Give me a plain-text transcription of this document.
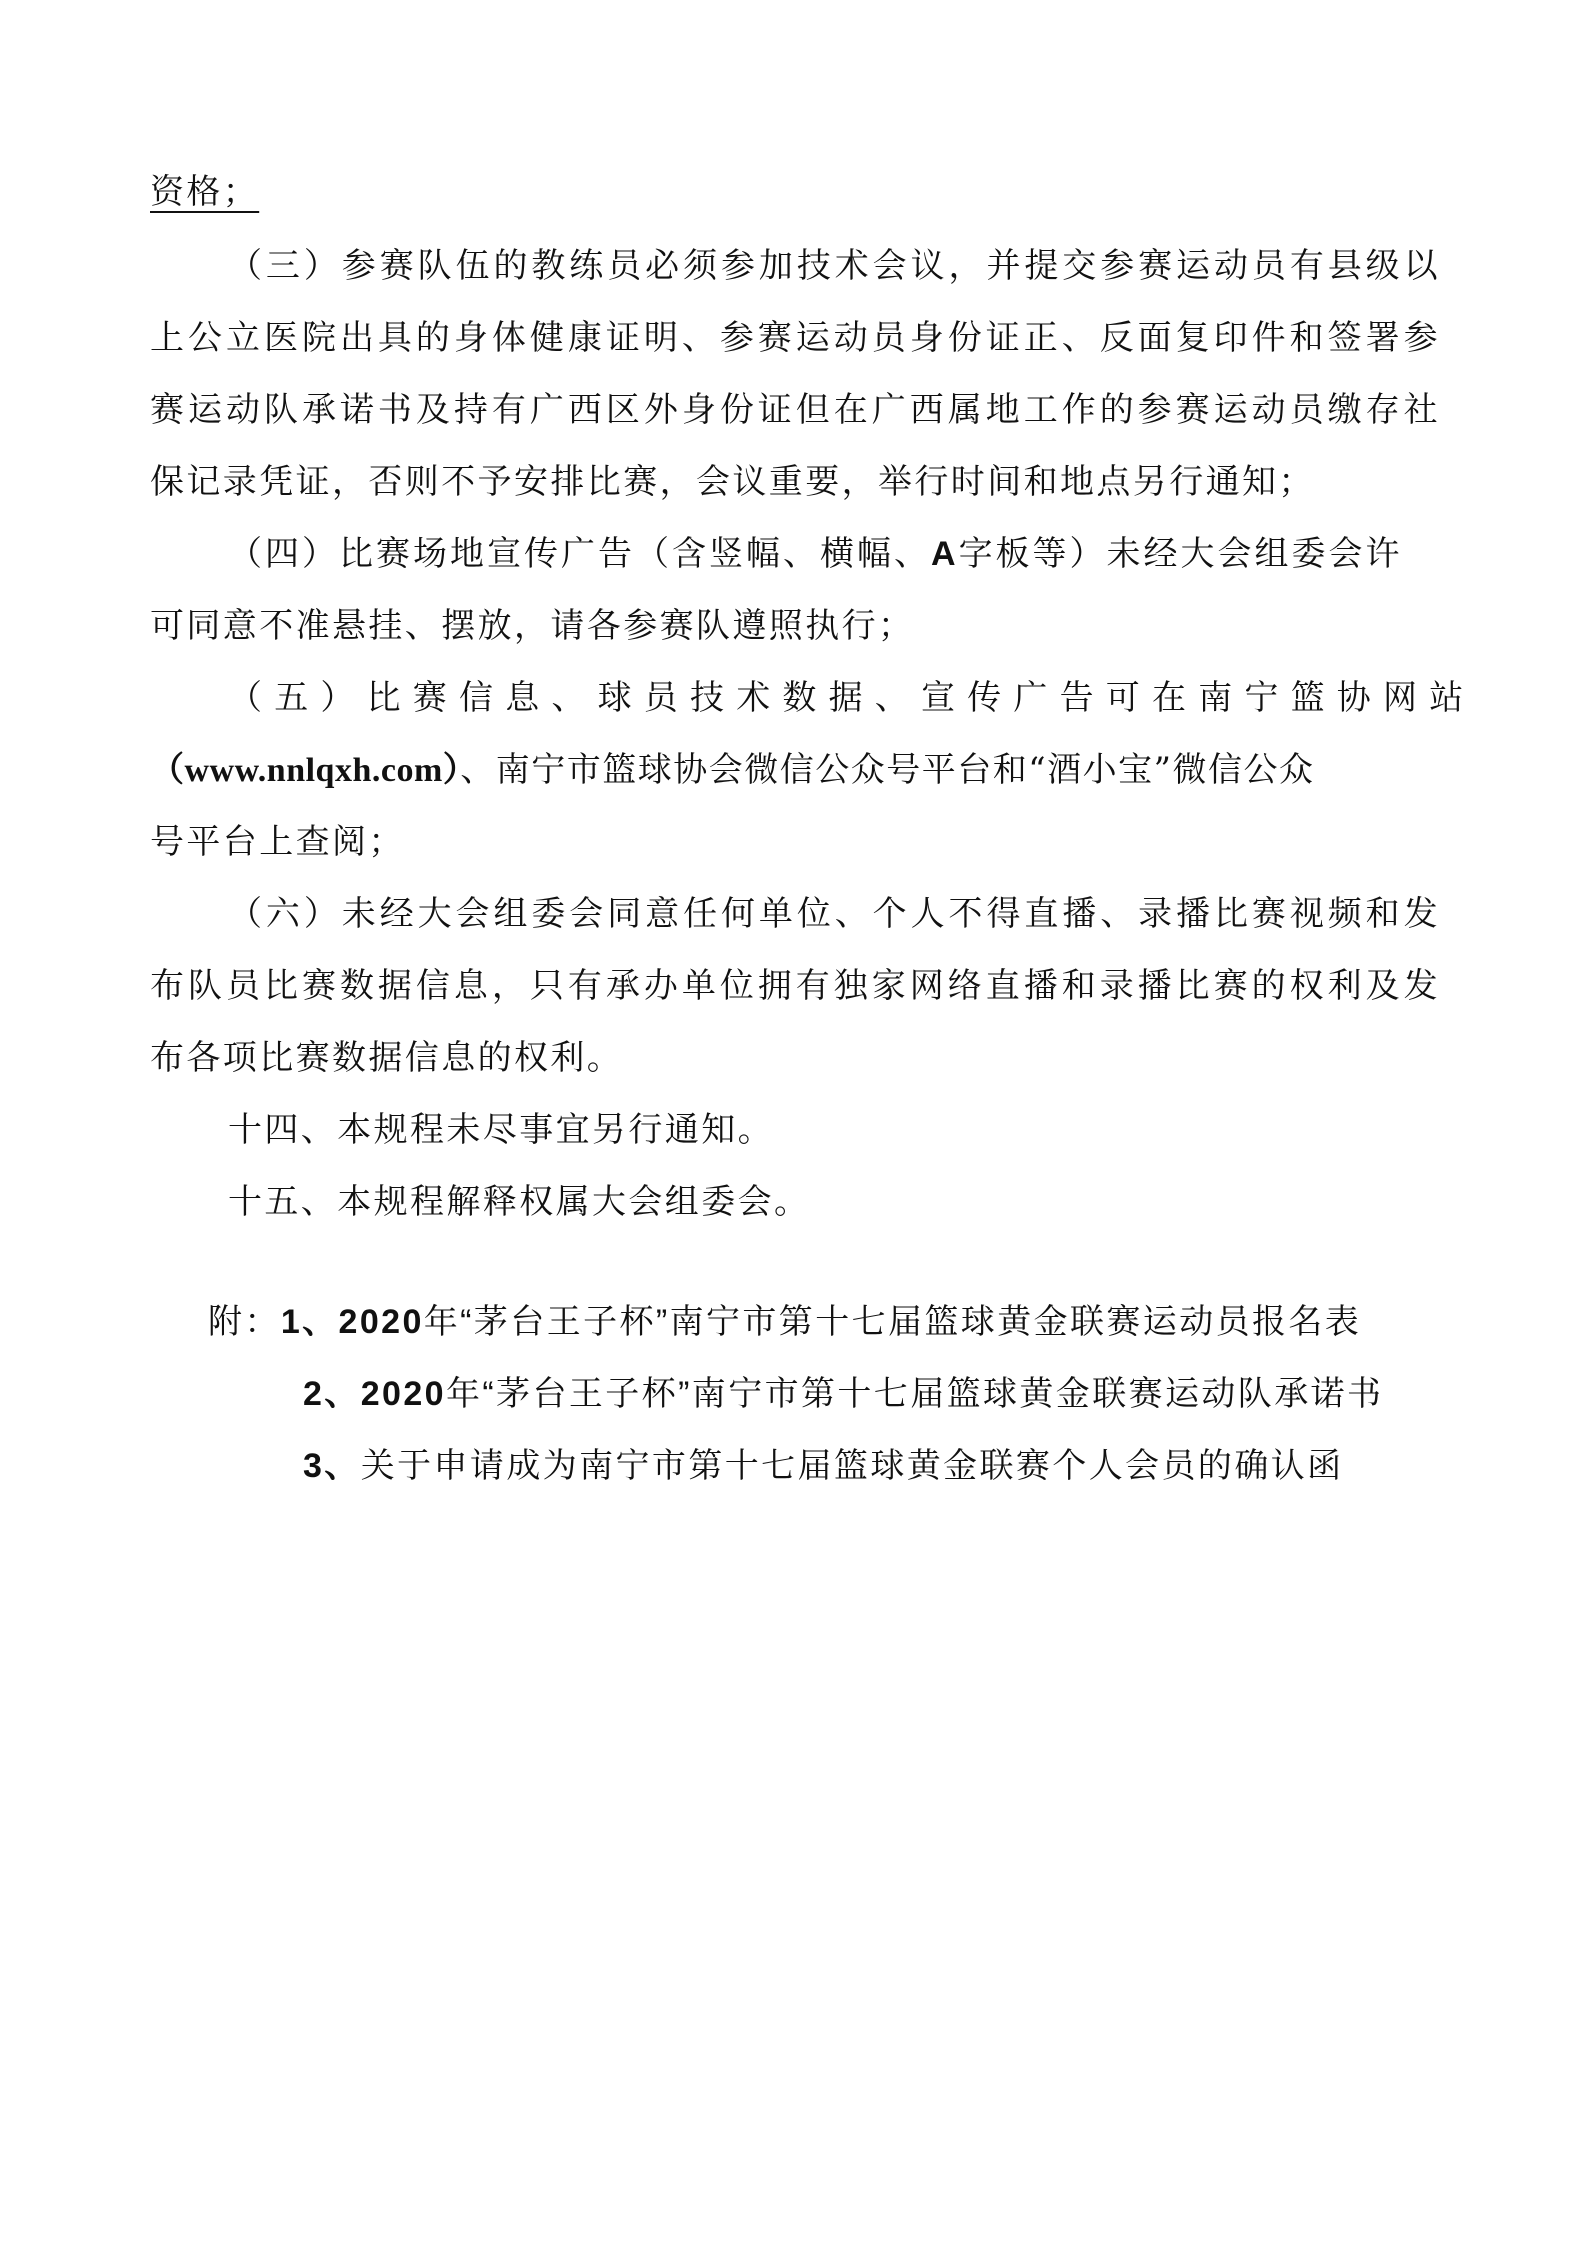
资格；
（三）参赛队伍的教练员必须参加技术会议，并提交参赛运动员有县级以
上公立医院出具的身体健康证明、参赛运动员身份证正、反面复印件和签署参
赛运动队承诺书及持有广西区外身份证但在广西属地工作的参赛运动员缴存社
保记录凭证，否则不予安排比赛，会议重要，举行时间和地点另行通知；
（四）比赛场地宣传广告（含竖幅、横幅、A字板等）未经大会组委会许
可同意不准悬挂、摆放，请各参赛队遵照执行；
（五）比赛信息、球员技术数据、宣传广告可在南宁篮协网站
（www.nnlqxh.com）、南宁市篮球协会微信公众号平台和“酒小宝”微信公众
号平台上查阅；
（六）未经大会组委会同意任何单位、个人不得直播、录播比赛视频和发
布队员比赛数据信息，只有承办单位拥有独家网络直播和录播比赛的权利及发
布各项比赛数据信息的权利。
十四、本规程未尽事宜另行通知。
十五、本规程解释权属大会组委会。
附：1、2020年“茅台王子杯”南宁市第十七届篮球黄金联赛运动员报名表
2、2020年“茅台王子杯”南宁市第十七届篮球黄金联赛运动队承诺书
3、关于申请成为南宁市第十七届篮球黄金联赛个人会员的确认函
